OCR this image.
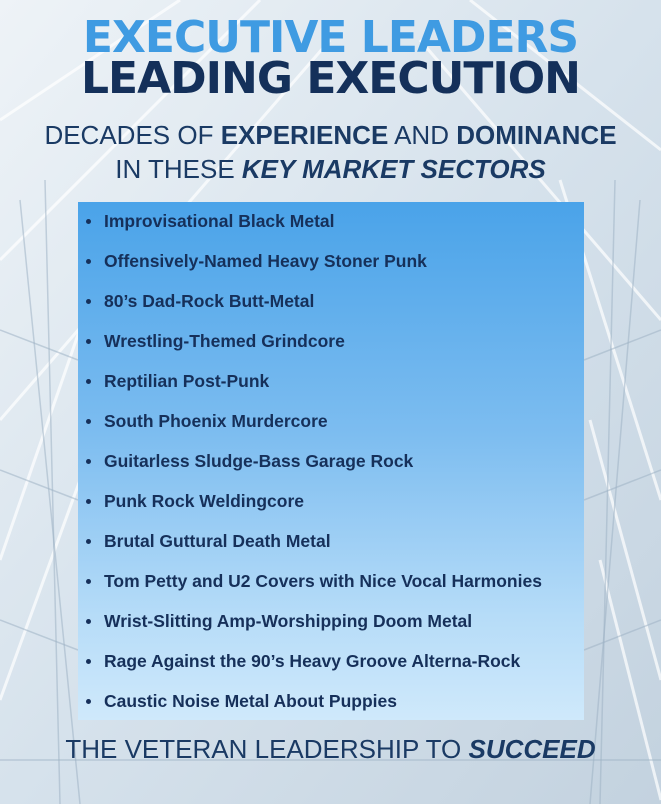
EXECUTIVE LEADERS
LEADING EXECUTION
DECADES OF EXPERIENCE AND DOMINANCE
IN THESE KEY MARKET SECTORS
Improvisational Black Metal
Offensively-Named Heavy Stoner Punk
80’s Dad-Rock Butt-Metal
Wrestling-Themed Grindcore
Reptilian Post-Punk
South Phoenix Murdercore
Guitarless Sludge-Bass Garage Rock
Punk Rock Weldingcore
Brutal Guttural Death Metal
Tom Petty and U2 Covers with Nice Vocal Harmonies
Wrist-Slitting Amp-Worshipping Doom Metal
Rage Against the 90’s Heavy Groove Alterna-Rock
Caustic Noise Metal About Puppies
THE VETERAN LEADERSHIP TO SUCCEED
